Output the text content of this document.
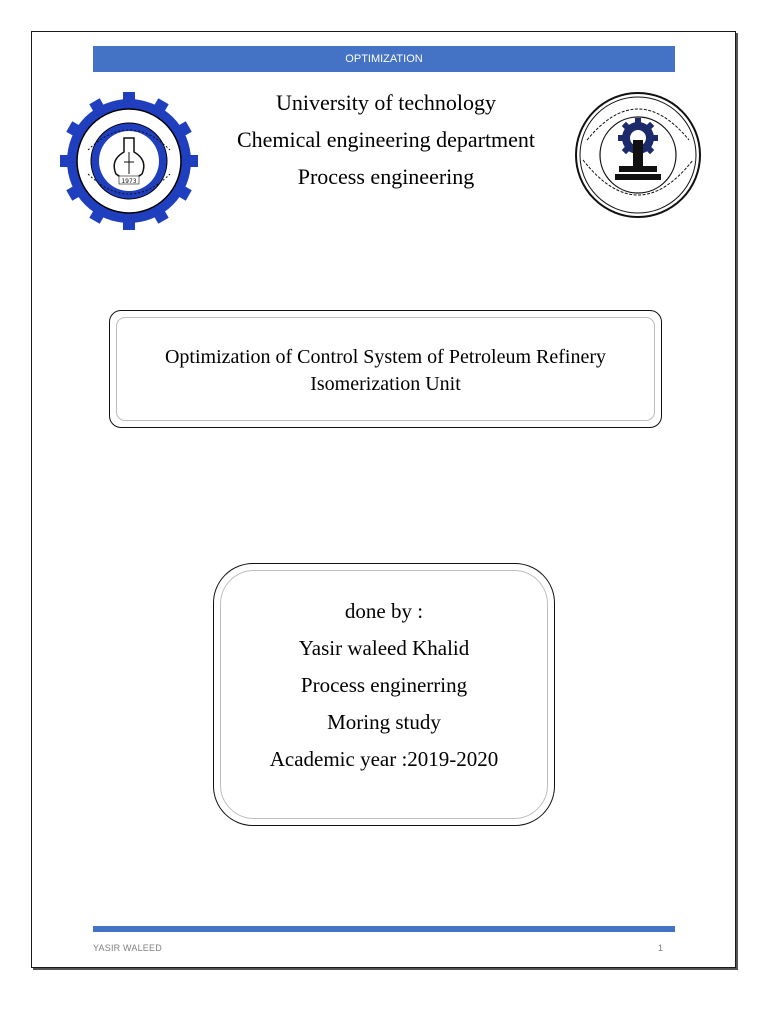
OPTIMIZATION
1973
University of technology
Chemical engineering department
Process engineering
Optimization of Control System of Petroleum Refinery
Isomerization Unit
done by :
Yasir waleed Khalid
Process enginerring
Moring study
Academic year :2019-2020
YASIR WALEED	1
